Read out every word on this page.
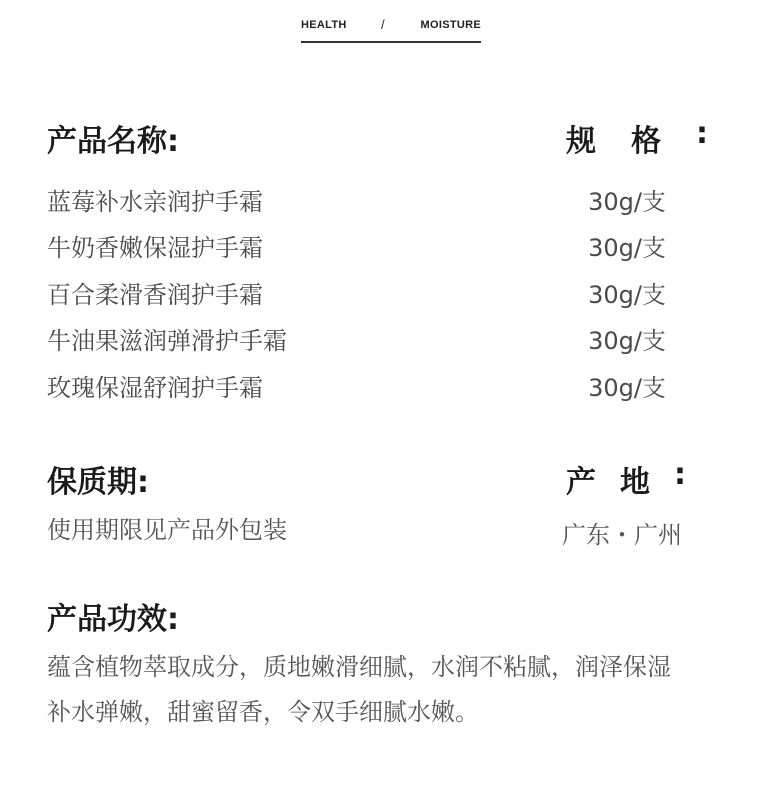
HEALTH	/	MOISTURE
产品名称:	规 格 :
蓝莓补水亲润护手霜	30g/支
牛奶香嫩保湿护手霜	30g/支
百合柔滑香润护手霜	30g/支
牛油果滋润弹滑护手霜	30g/支
玫瑰保湿舒润护手霜	30g/支
保质期:
使用期限见产品外包装
产 地 :
广东・广州
产品功效:

蕴含植物萃取成分，质地嫩滑细腻，水润不粘腻，润泽保湿补水弹嫩，甜蜜留香，令双手细腻水嫩。
